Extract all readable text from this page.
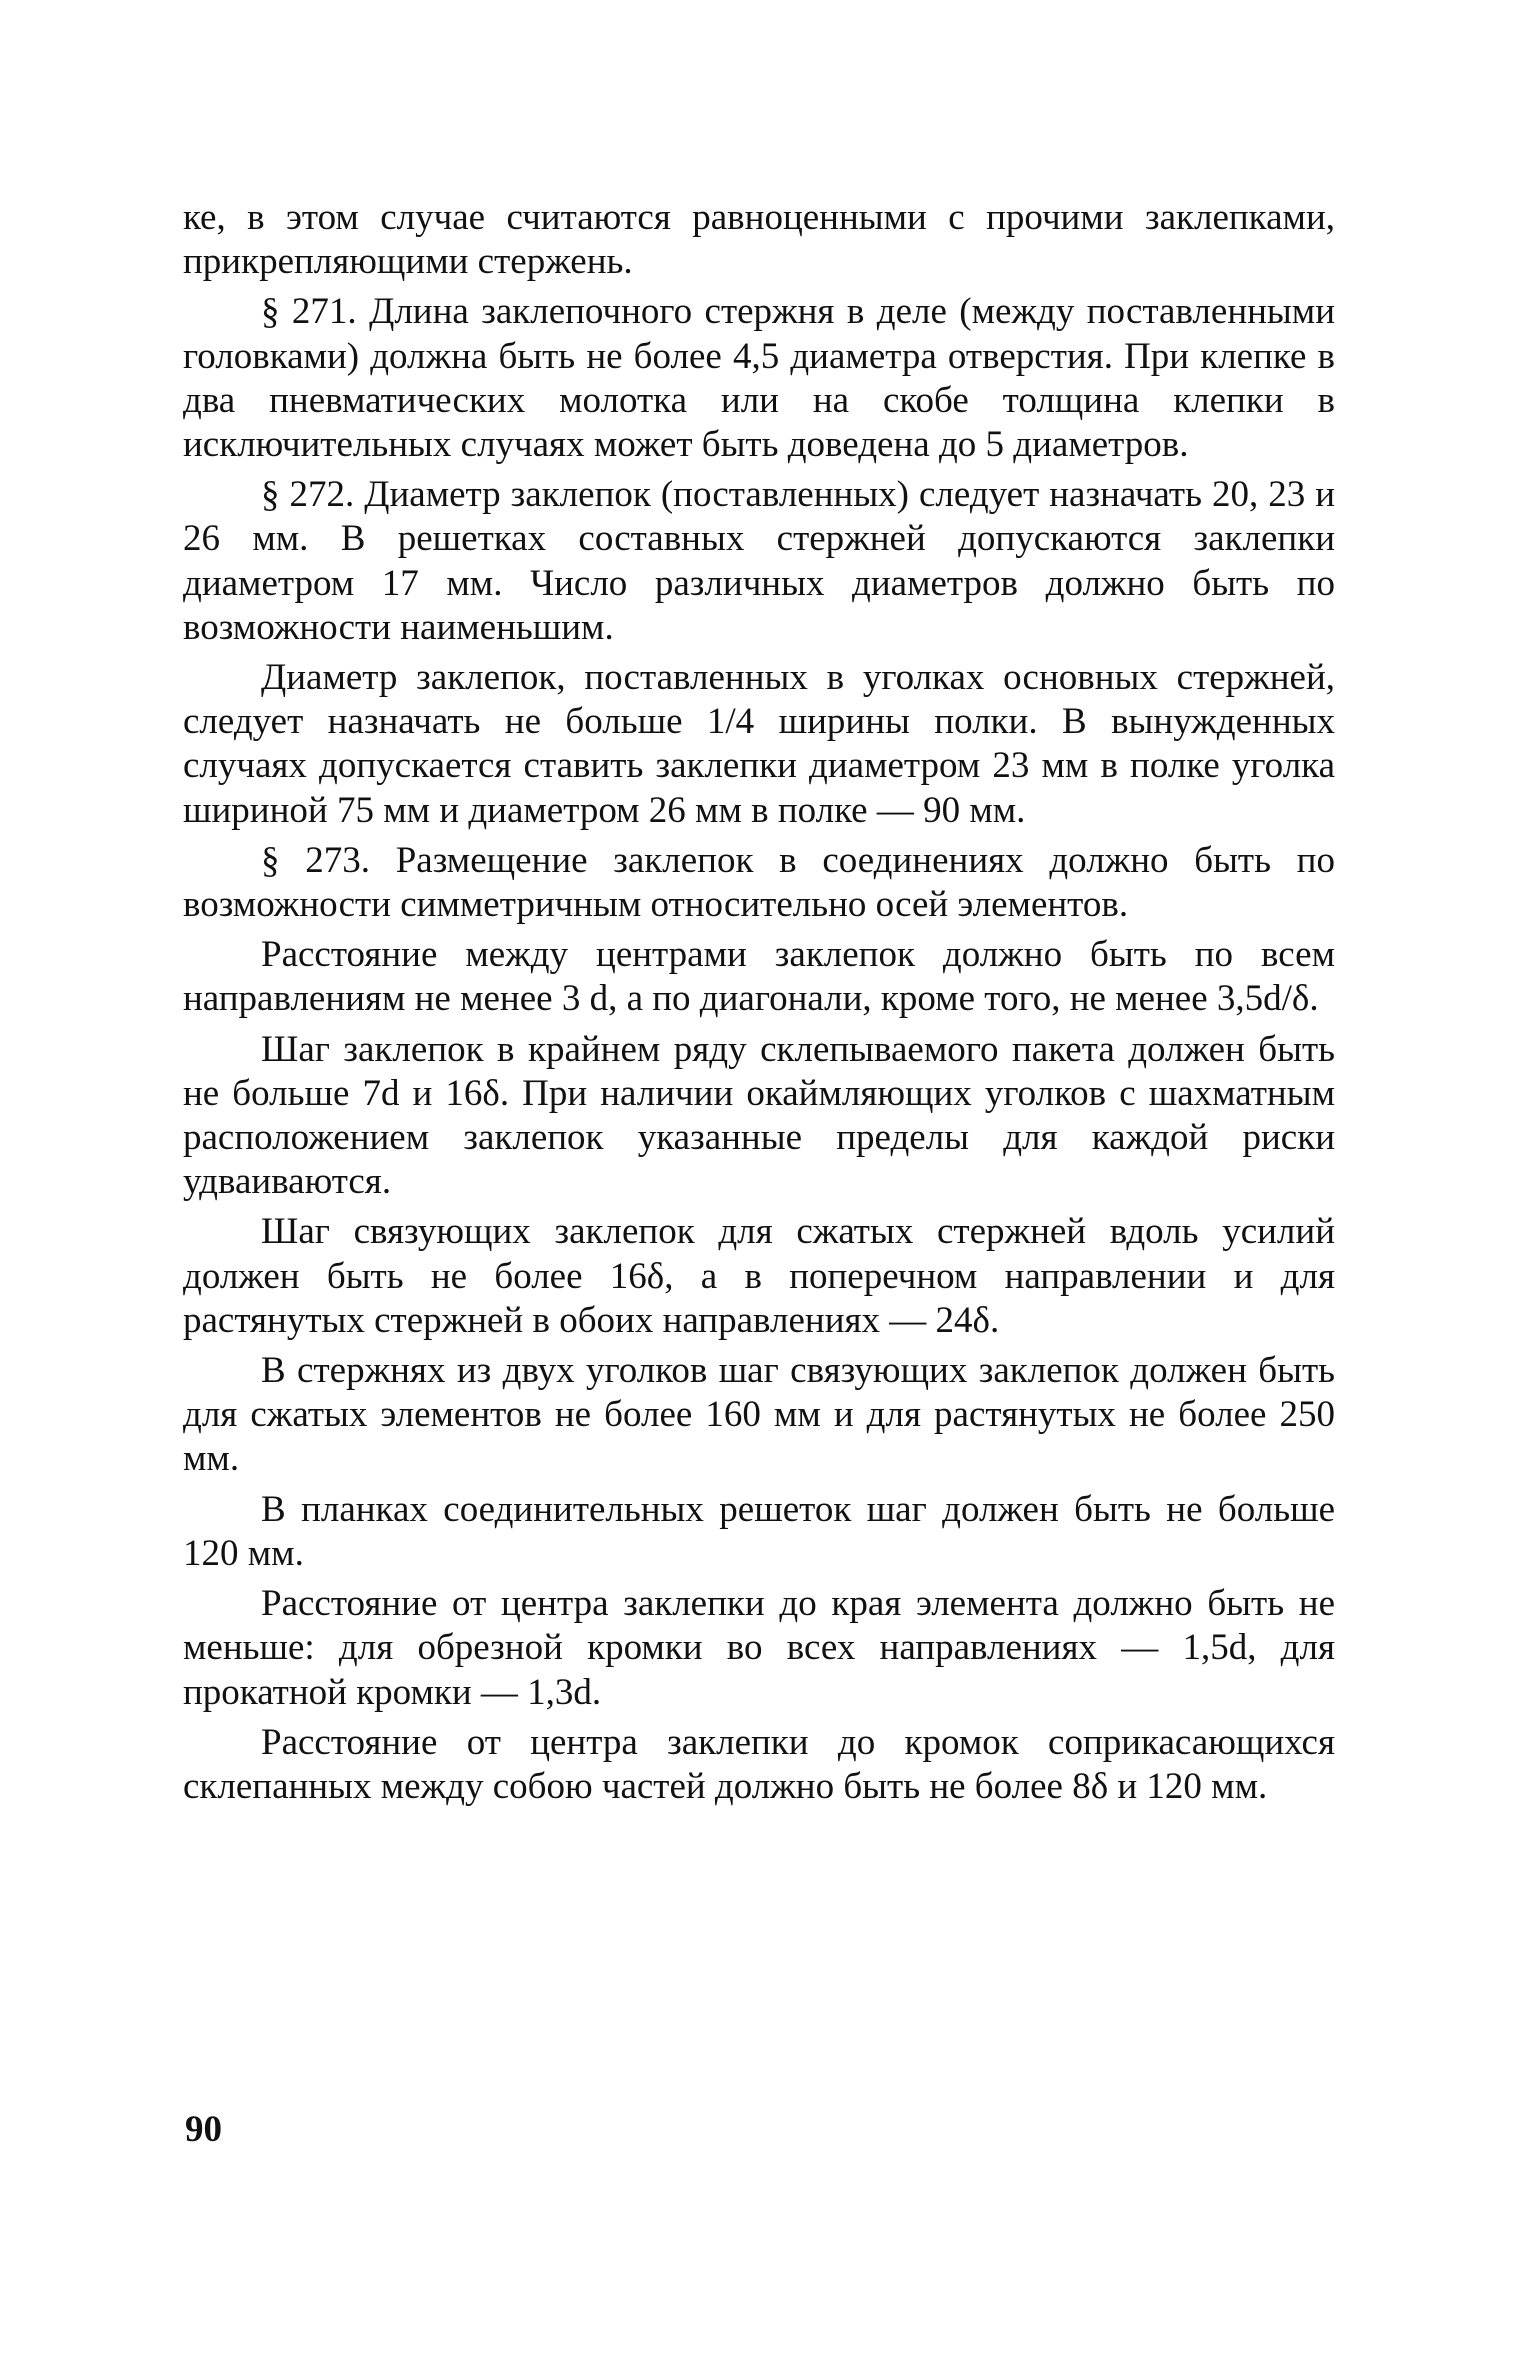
ке, в этом случае считаются равноценными с прочими заклепками, прикрепляющими стержень.

§ 271. Длина заклепочного стержня в деле (между поставленными головками) должна быть не более 4,5 диаметра отверстия. При клепке в два пневматических молотка или на скобе толщина клепки в исключительных случаях может быть доведена до 5 диаметров.

§ 272. Диаметр заклепок (поставленных) следует назначать 20, 23 и 26 мм. В решетках составных стержней допускаются заклепки диаметром 17 мм. Число различных диаметров должно быть по возможности наименьшим.

Диаметр заклепок, поставленных в уголках основных стержней, следует назначать не больше 1/4 ширины полки. В вынужденных случаях допускается ставить заклепки диаметром 23 мм в полке уголка шириной 75 мм и диаметром 26 мм в полке — 90 мм.

§ 273. Размещение заклепок в соединениях должно быть по возможности симметричным относительно осей элементов.

Расстояние между центрами заклепок должно быть по всем направлениям не менее 3 d, а по диагонали, кроме того, не менее 3,5d/δ.

Шаг заклепок в крайнем ряду склепываемого пакета должен быть не больше 7d и 16δ. При наличии окаймляющих уголков с шахматным расположением заклепок указанные пределы для каждой риски удваиваются.

Шаг связующих заклепок для сжатых стержней вдоль усилий должен быть не более 16δ, а в поперечном направлении и для растянутых стержней в обоих направлениях — 24δ.

В стержнях из двух уголков шаг связующих заклепок должен быть для сжатых элементов не более 160 мм и для растянутых не более 250 мм.

В планках соединительных решеток шаг должен быть не больше 120 мм.

Расстояние от центра заклепки до края элемента должно быть не меньше: для обрезной кромки во всех направлениях — 1,5d, для прокатной кромки — 1,3d.

Расстояние от центра заклепки до кромок соприкасающихся склепанных между собою частей должно быть не более 8δ и 120 мм.

90
